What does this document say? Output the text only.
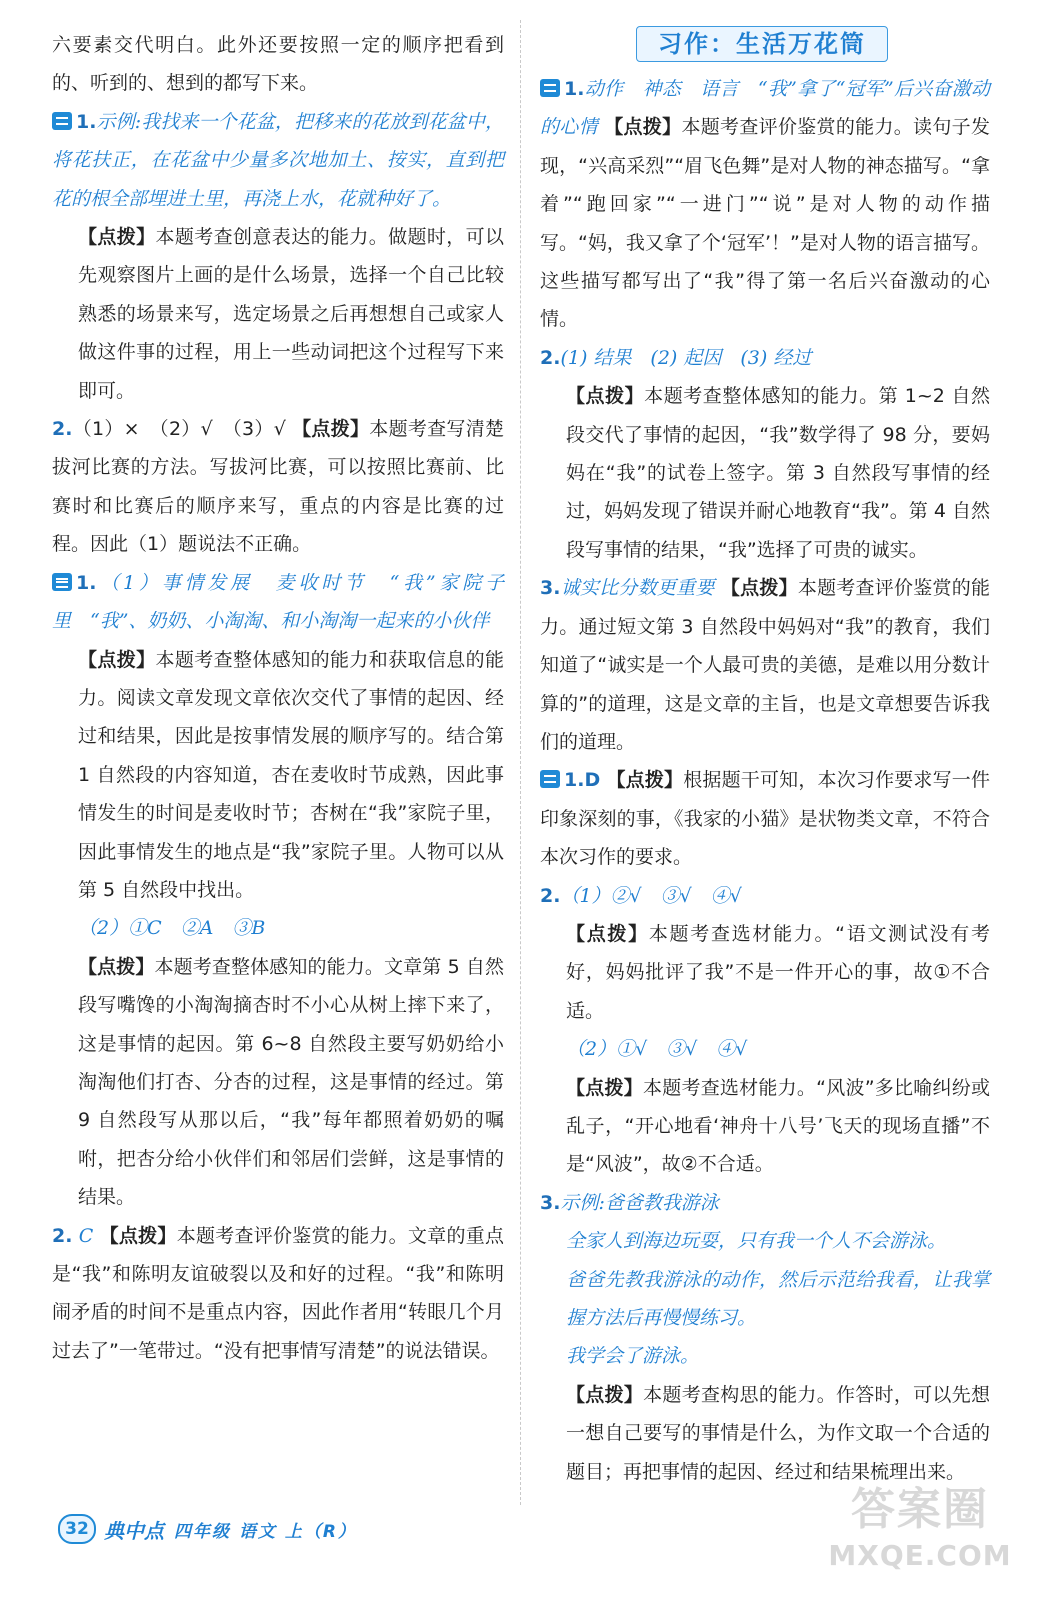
六要素交代明白。此外还要按照一定的顺序把看到的、听到的、想到的都写下来。

1.示例:我找来一个花盆，把移来的花放到花盆中，将花扶正，在花盆中少量多次地加土、按实，直到把花的根全部埋进土里，再浇上水，花就种好了。

【点拨】本题考查创意表达的能力。做题时，可以先观察图片上画的是什么场景，选择一个自己比较熟悉的场景来写，选定场景之后再想想自己或家人做这件事的过程，用上一些动词把这个过程写下来即可。

2.（1）×　（2）√　（3）√ 【点拨】本题考查写清楚拔河比赛的方法。写拔河比赛，可以按照比赛前、比赛时和比赛后的顺序来写，重点的内容是比赛的过程。因此（1）题说法不正确。

1.（1）事情发展　麦收时节　“我”家院子里　“我”、奶奶、小淘淘、和小淘淘一起来的小伙伴

【点拨】本题考查整体感知的能力和获取信息的能力。阅读文章发现文章依次交代了事情的起因、经过和结果，因此是按事情发展的顺序写的。结合第 1 自然段的内容知道，杏在麦收时节成熟，因此事情发生的时间是麦收时节；杏树在“我”家院子里，因此事情发生的地点是“我”家院子里。人物可以从第 5 自然段中找出。

（2）①C　②A　③B

【点拨】本题考查整体感知的能力。文章第 5 自然段写嘴馋的小淘淘摘杏时不小心从树上摔下来了，这是事情的起因。第 6~8 自然段主要写奶奶给小淘淘他们打杏、分杏的过程，这是事情的经过。第 9 自然段写从那以后，“我”每年都照着奶奶的嘱咐，把杏分给小伙伴们和邻居们尝鲜，这是事情的结果。

2. C 【点拨】本题考查评价鉴赏的能力。文章的重点是“我”和陈明友谊破裂以及和好的过程。“我”和陈明闹矛盾的时间不是重点内容，因此作者用“转眼几个月过去了”一笔带过。“没有把事情写清楚”的说法错误。

习作：生活万花筒

1.动作　神态　语言　“我”拿了“冠军”后兴奋激动的心情 【点拨】本题考查评价鉴赏的能力。读句子发现，“兴高采烈”“眉飞色舞”是对人物的神态描写。“拿着”“跑回家”“一进门”“说”是对人物的动作描写。“妈，我又拿了个‘冠军’！”是对人物的语言描写。这些描写都写出了“我”得了第一名后兴奋激动的心情。

2.(1) 结果　(2) 起因　(3) 经过

【点拨】本题考查整体感知的能力。第 1~2 自然段交代了事情的起因，“我”数学得了 98 分，要妈妈在“我”的试卷上签字。第 3 自然段写事情的经过，妈妈发现了错误并耐心地教育“我”。第 4 自然段写事情的结果，“我”选择了可贵的诚实。

3.诚实比分数更重要 【点拨】本题考查评价鉴赏的能力。通过短文第 3 自然段中妈妈对“我”的教育，我们知道了“诚实是一个人最可贵的美德，是难以用分数计算的”的道理，这是文章的主旨，也是文章想要告诉我们的道理。

1.D 【点拨】根据题干可知，本次习作要求写一件印象深刻的事，《我家的小猫》是状物类文章，不符合本次习作的要求。

2.（1）②√　③√　④√

【点拨】本题考查选材能力。“语文测试没有考好，妈妈批评了我”不是一件开心的事，故①不合适。

（2）①√　③√　④√

【点拨】本题考查选材能力。“风波”多比喻纠纷或乱子，“开心地看‘神舟十八号’飞天的现场直播”不是“风波”，故②不合适。

3.示例:爸爸教我游泳

全家人到海边玩耍，只有我一个人不会游泳。

爸爸先教我游泳的动作，然后示范给我看，让我掌握方法后再慢慢练习。

我学会了游泳。

【点拨】本题考查构思的能力。作答时，可以先想一想自己要写的事情是什么，为作文取一个合适的题目；再把事情的起因、经过和结果梳理出来。

32 典中点 四年级 语文 上（R）	答案圈
MXQE.COM
